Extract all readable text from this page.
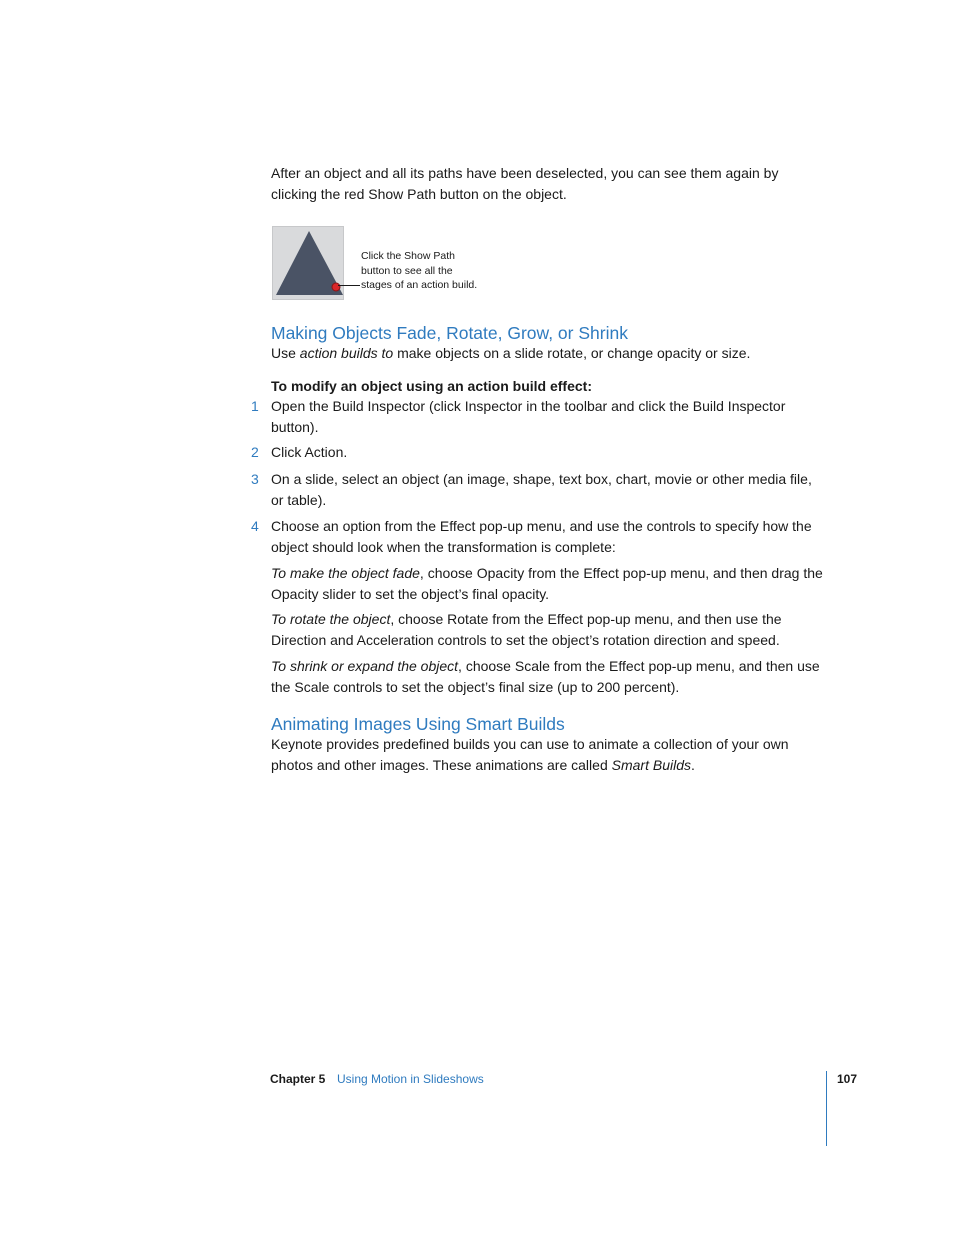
After an object and all its paths have been deselected, you can see them again by clicking the red Show Path button on the object.

Click the Show Path
button to see all the
stages of an action build.
Making Objects Fade, Rotate, Grow, or Shrink

Use action builds to make objects on a slide rotate, or change opacity or size.

To modify an object using an action build effect:
1 Open the Build Inspector (click Inspector in the toolbar and click the Build Inspector button).
2 Click Action.
3 On a slide, select an object (an image, shape, text box, chart, movie or other media file, or table).
4 Choose an option from the Effect pop-up menu, and use the controls to specify how the object should look when the transformation is complete:

To make the object fade, choose Opacity from the Effect pop-up menu, and then drag the Opacity slider to set the object’s final opacity.

To rotate the object, choose Rotate from the Effect pop-up menu, and then use the Direction and Acceleration controls to set the object’s rotation direction and speed.

To shrink or expand the object, choose Scale from the Effect pop-up menu, and then use the Scale controls to set the object’s final size (up to 200 percent).

Animating Images Using Smart Builds

Keynote provides predefined builds you can use to animate a collection of your own photos and other images. These animations are called Smart Builds.

Chapter 5 Using Motion in Slideshows	107
